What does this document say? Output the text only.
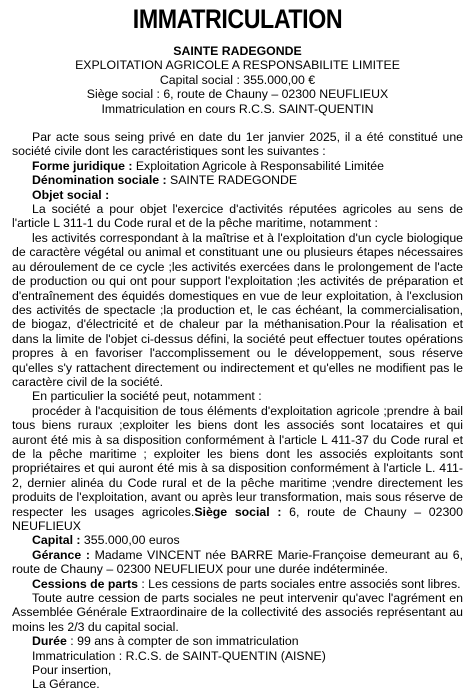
IMMATRICULATION
SAINTE RADEGONDE
EXPLOITATION AGRICOLE A RESPONSABILITE LIMITEE
Capital social : 355.000,00 €
Siège social : 6, route de Chauny – 02300 NEUFLIEUX
Immatriculation en cours R.C.S. SAINT-QUENTIN

Par acte sous seing privé en date du 1er janvier 2025, il a été constitué une société civile dont les caractéristiques sont les suivantes :

Forme juridique : Exploitation Agricole à Responsabilité Limitée

Dénomination sociale : SAINTE RADEGONDE

Objet social :

La société a pour objet l'exercice d'activités réputées agricoles au sens de l'article L 311-1 du Code rural et de la pêche maritime, notamment :

les activités correspondant à la maîtrise et à l'exploitation d'un cycle biologique de caractère végétal ou animal et constituant une ou plusieurs étapes nécessaires au déroulement de ce cycle ;les activités exercées dans le prolongement de l'acte de production ou qui ont pour support l'exploitation ;les activités de préparation et d'entraînement des équidés domestiques en vue de leur exploitation, à l'exclusion des activités de spectacle ;la production et, le cas échéant, la commercialisation, de biogaz, d'électricité et de chaleur par la méthanisation.Pour la réalisation et dans la limite de l'objet ci-dessus défini, la société peut effectuer toutes opérations propres à en favoriser l'accomplissement ou le développement, sous réserve qu'elles s'y rattachent directement ou indirectement et qu'elles ne modifient pas le caractère civil de la société.

En particulier la société peut, notamment :

procéder à l'acquisition de tous éléments d'exploitation agricole ;prendre à bail tous biens ruraux ;exploiter les biens dont les associés sont locataires et qui auront été mis à sa disposition conformément à l'article L 411-37 du Code rural et de la pêche maritime ; exploiter les biens dont les associés exploitants sont propriétaires et qui auront été mis à sa disposition conformément à l'article L. 411-2, dernier alinéa du Code rural et de la pêche maritime ;vendre directement les produits de l'exploitation, avant ou après leur transformation, mais sous réserve de respecter les usages agricoles.Siège social : 6, route de Chauny – 02300 NEUFLIEUX

Capital : 355.000,00 euros

Gérance : Madame VINCENT née BARRE Marie-Françoise demeurant au 6, route de Chauny – 02300 NEUFLIEUX pour une durée indéterminée.

Cessions de parts : Les cessions de parts sociales entre associés sont libres.

Toute autre cession de parts sociales ne peut intervenir qu'avec l'agrément en Assemblée Générale Extraordinaire de la collectivité des associés représentant au moins les 2/3 du capital social.

Durée : 99 ans à compter de son immatriculation

Immatriculation : R.C.S. de SAINT-QUENTIN (AISNE)

Pour insertion,

La Gérance.
